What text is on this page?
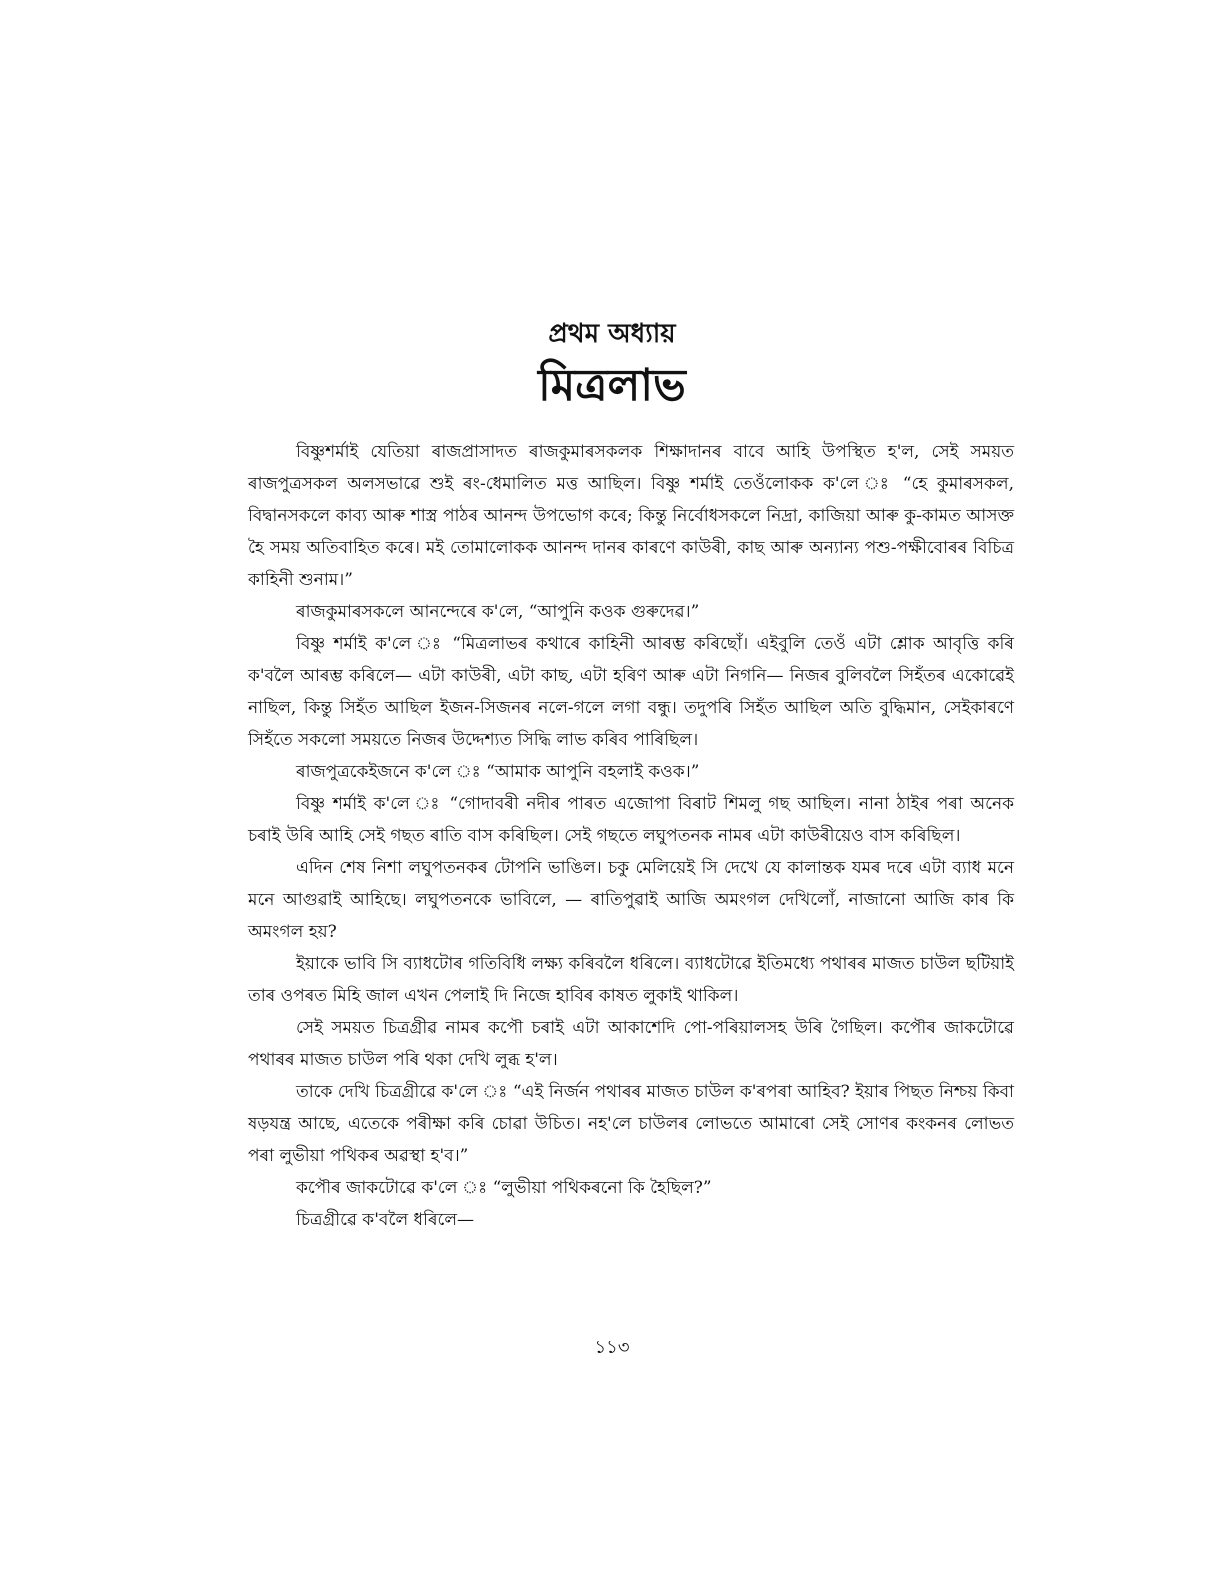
প্ৰথম অধ্যায়
মিত্ৰলাভ

বিষ্ণুশৰ্মাই যেতিয়া ৰাজপ্ৰাসাদত ৰাজকুমাৰসকলক শিক্ষাদানৰ বাবে আহি উপস্থিত হ'ল, সেই সময়ত ৰাজপুত্ৰসকল অলসভাৱে শুই ৰং-ধেমালিত মত্ত আছিল। বিষ্ণু শৰ্মাই তেওঁলোকক ক'লে ঃ “হে কুমাৰসকল, বিদ্বানসকলে কাব্য আৰু শাস্ত্ৰ পাঠৰ আনন্দ উপভোগ কৰে; কিন্তু নিৰ্বোধসকলে নিদ্ৰা, কাজিয়া আৰু কু-কামত আসক্ত হৈ সময় অতিবাহিত কৰে। মই তোমালোকক আনন্দ দানৰ কাৰণে কাউৰী, কাছ আৰু অন্যান্য পশু-পক্ষীবোৰৰ বিচিত্ৰ কাহিনী শুনাম।”

ৰাজকুমাৰসকলে আনন্দেৰে ক'লে, “আপুনি কওক গুৰুদেৱ।”

বিষ্ণু শৰ্মাই ক'লে ঃ “মিত্ৰলাভৰ কথাৰে কাহিনী আৰম্ভ কৰিছোঁ। এইবুলি তেওঁ এটা শ্লোক আবৃত্তি কৰি ক'বলৈ আৰম্ভ কৰিলে— এটা কাউৰী, এটা কাছ, এটা হৰিণ আৰু এটা নিগনি— নিজৰ বুলিবলৈ সিহঁতৰ একোৱেই নাছিল, কিন্তু সিহঁত আছিল ইজন-সিজনৰ নলে-গলে লগা বন্ধু। তদুপৰি সিহঁত আছিল অতি বুদ্ধিমান, সেইকাৰণে সিহঁতে সকলো সময়তে নিজৰ উদ্দেশ্যত সিদ্ধি লাভ কৰিব পাৰিছিল।

ৰাজপুত্ৰকেইজনে ক'লে ঃ “আমাক আপুনি বহলাই কওক।”

বিষ্ণু শৰ্মাই ক'লে ঃ “গোদাবৰী নদীৰ পাৰত এজোপা বিৰাট শিমলু গছ আছিল। নানা ঠাইৰ পৰা অনেক চৰাই উৰি আহি সেই গছত ৰাতি বাস কৰিছিল। সেই গছতে লঘুপতনক নামৰ এটা কাউৰীয়েও বাস কৰিছিল।

এদিন শেষ নিশা লঘুপতনকৰ টোপনি ভাঙিল। চকু মেলিয়েই সি দেখে যে কালান্তক যমৰ দৰে এটা ব্যাধ মনে মনে আগুৱাই আহিছে। লঘুপতনকে ভাবিলে, — ৰাতিপুৱাই আজি অমংগল দেখিলোঁ, নাজানো আজি কাৰ কি অমংগল হয়?

ইয়াকে ভাবি সি ব্যাধটোৰ গতিবিধি লক্ষ্য কৰিবলৈ ধৰিলে। ব্যাধটোৱে ইতিমধ্যে পথাৰৰ মাজত চাউল ছটিয়াই তাৰ ওপৰত মিহি জাল এখন পেলাই দি নিজে হাবিৰ কাষত লুকাই থাকিল।

সেই সময়ত চিত্ৰগ্ৰীৱ নামৰ কপৌ চৰাই এটা আকাশেদি পো-পৰিয়ালসহ উৰি গৈছিল। কপৌৰ জাকটোৱে পথাৰৰ মাজত চাউল পৰি থকা দেখি লুব্ধ হ'ল।

তাকে দেখি চিত্ৰগ্ৰীৱে ক'লে ঃ “এই নিৰ্জন পথাৰৰ মাজত চাউল ক'ৰপৰা আহিব? ইয়াৰ পিছত নিশ্চয় কিবা ষড়যন্ত্ৰ আছে, এতেকে পৰীক্ষা কৰি চোৱা উচিত। নহ'লে চাউলৰ লোভতে আমাৰো সেই সোণৰ কংকনৰ লোভত পৰা লুভীয়া পথিকৰ অৱস্থা হ'ব।”

কপৌৰ জাকটোৱে ক'লে ঃ “লুভীয়া পথিকৰনো কি হৈছিল?”

চিত্ৰগ্ৰীৱে ক'বলৈ ধৰিলে—

১১৩
